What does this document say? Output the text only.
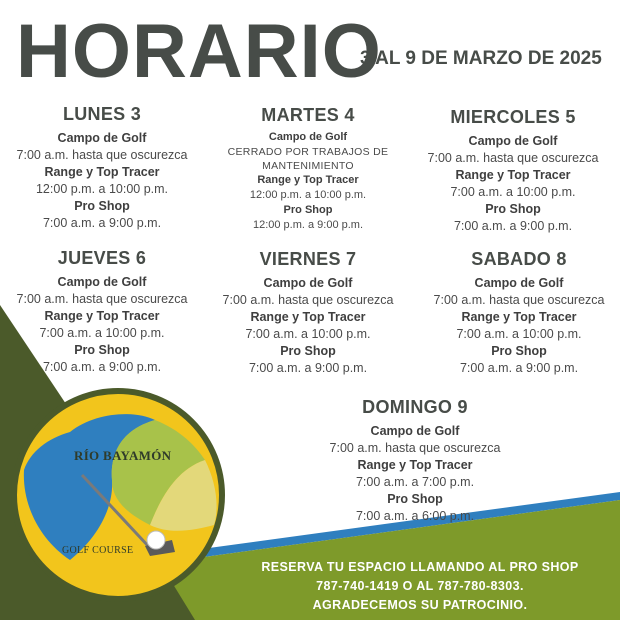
HORARIO
3 AL 9 DE MARZO DE 2025
LUNES 3
Campo de Golf
7:00 a.m. hasta que oscurezca
Range y Top Tracer
12:00 p.m. a 10:00 p.m.
Pro Shop
7:00 a.m. a 9:00 p.m.
MARTES 4
Campo de Golf
CERRADO POR TRABAJOS DE
MANTENIMIENTO
Range y Top Tracer
12:00 p.m. a 10:00 p.m.
Pro Shop
12:00 p.m. a 9:00 p.m.
MIERCOLES 5
Campo de Golf
7:00 a.m. hasta que oscurezca
Range y Top Tracer
7:00 a.m. a 10:00 p.m.
Pro Shop
7:00 a.m. a 9:00 p.m.
JUEVES 6
Campo de Golf
7:00 a.m. hasta que oscurezca
Range y Top Tracer
7:00 a.m. a 10:00 p.m.
Pro Shop
7:00 a.m. a 9:00 p.m.
VIERNES 7
Campo de Golf
7:00 a.m. hasta que oscurezca
Range y Top Tracer
7:00 a.m. a 10:00 p.m.
Pro Shop
7:00 a.m. a 9:00 p.m.
SABADO 8
Campo de Golf
7:00 a.m. hasta que oscurezca
Range y Top Tracer
7:00 a.m. a 10:00 p.m.
Pro Shop
7:00 a.m. a 9:00 p.m.
DOMINGO 9
Campo de Golf
7:00 a.m. hasta que oscurezca
Range y Top Tracer
7:00 a.m. a 7:00 p.m.
Pro Shop
7:00 a.m. a 6:00 p.m.
RÍO BAYAMÓN
GOLF COURSE
RESERVA TU ESPACIO LLAMANDO AL PRO SHOP
787-740-1419 O AL 787-780-8303.
AGRADECEMOS SU PATROCINIO.
